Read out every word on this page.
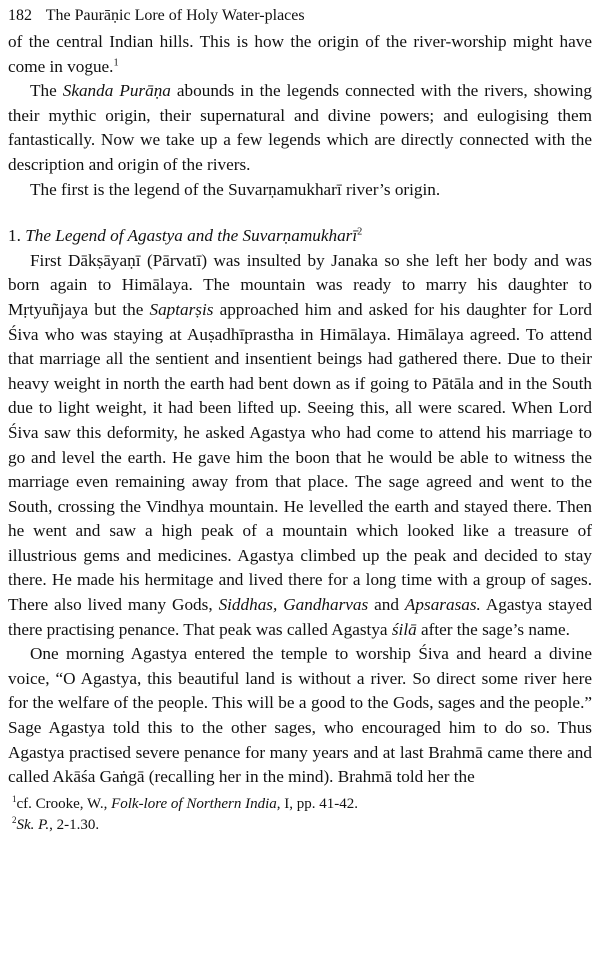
182 The Paurāṇic Lore of Holy Water-places

of the central Indian hills. This is how the origin of the river-worship might have come in vogue.$^1$

The Skanda Purāṇa abounds in the legends connected with the rivers, showing their mythic origin, their supernatural and divine powers; and eulogising them fantastically. Now we take up a few legends which are directly connected with the description and origin of the rivers.

The first is the legend of the Suvarṇamukharī river’s origin.

1. The Legend of Agastya and the Suvarṇamukharī$^2$

First Dākṣāyaṇī (Pārvatī) was insulted by Janaka so she left her body and was born again to Himālaya. The mountain was ready to marry his daughter to Mṛtyuñjaya but the Saptarṣis approached him and asked for his daughter for Lord Śiva who was staying at Auṣadhīprastha in Himālaya. Himālaya agreed. To attend that marriage all the sentient and insentient beings had gathered there. Due to their heavy weight in north the earth had bent down as if going to Pātāla and in the South due to light weight, it had been lifted up. Seeing this, all were scared. When Lord Śiva saw this deformity, he asked Agastya who had come to attend his marriage to go and level the earth. He gave him the boon that he would be able to witness the marriage even remaining away from that place. The sage agreed and went to the South, crossing the Vindhya mountain. He levelled the earth and stayed there. Then he went and saw a high peak of a mountain which looked like a treasure of illustrious gems and medicines. Agastya climbed up the peak and decided to stay there. He made his hermitage and lived there for a long time with a group of sages. There also lived many Gods, Siddhas, Gandharvas and Apsarasas. Agastya stayed there practising penance. That peak was called Agastya śilā after the sage’s name.

One morning Agastya entered the temple to worship Śiva and heard a divine voice, “O Agastya, this beautiful land is without a river. So direct some river here for the welfare of the people. This will be a good to the Gods, sages and the people.” Sage Agastya told this to the other sages, who encouraged him to do so. Thus Agastya practised severe penance for many years and at last Brahmā came there and called Akāśa Gaṅgā (recalling her in the mind). Brahmā told her the

$^1$cf. Crooke, W., Folk-lore of Northern India, I, pp. 41-42.

$^2$Sk. P., 2-1.30.
